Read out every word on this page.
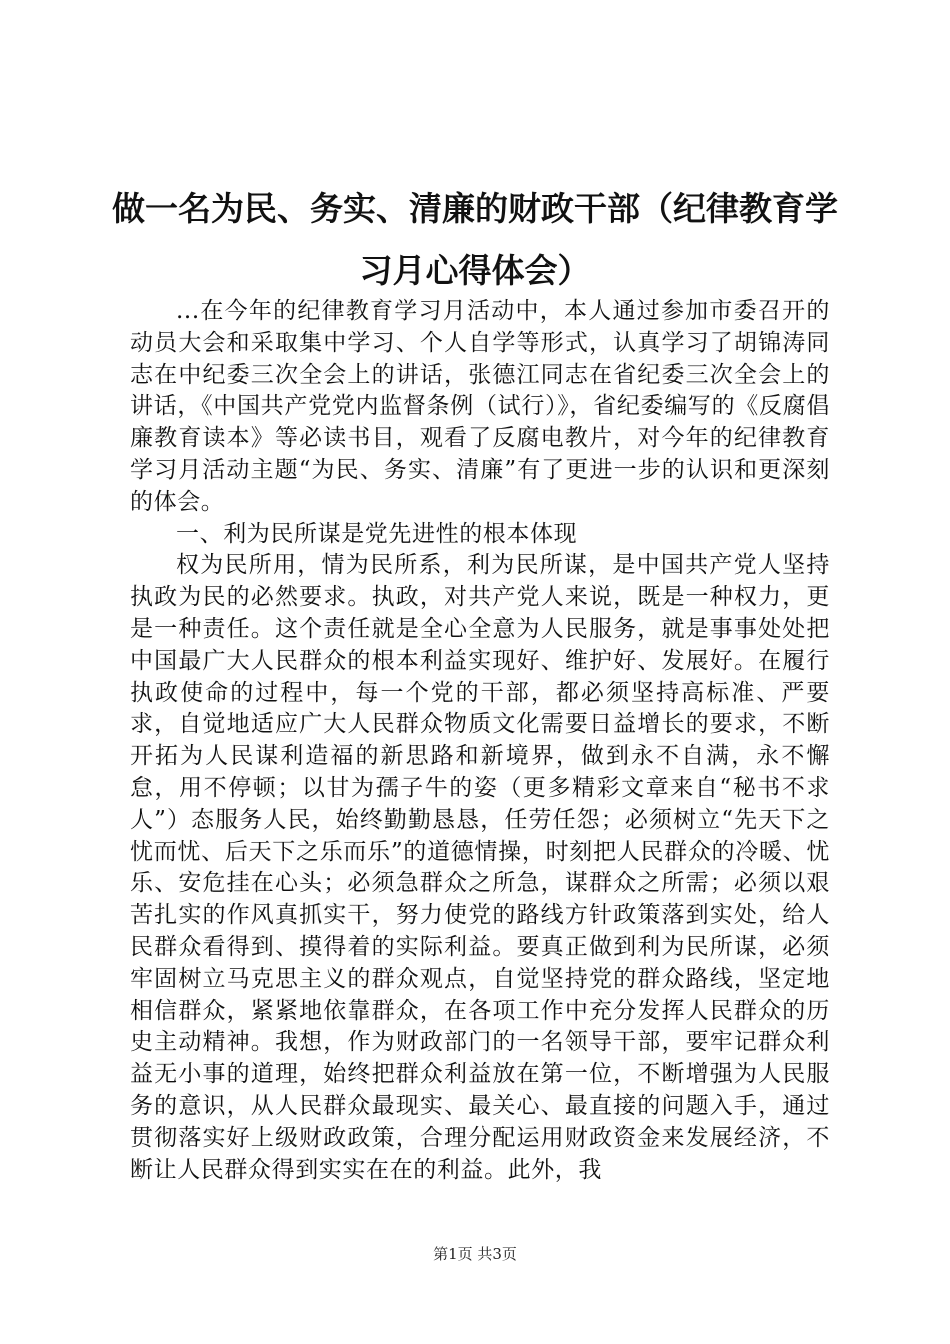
做一名为民、务实、清廉的财政干部（纪律教育学习月心得体会）

...在今年的纪律教育学习月活动中，本人通过参加市委召开的动员大会和采取集中学习、个人自学等形式，认真学习了胡锦涛同志在中纪委三次全会上的讲话，张德江同志在省纪委三次全会上的讲话，《中国共产党党内监督条例（试行）》，省纪委编写的《反腐倡廉教育读本》等必读书目，观看了反腐电教片，对今年的纪律教育学习月活动主题“为民、务实、清廉”有了更进一步的认识和更深刻的体会。

一、利为民所谋是党先进性的根本体现

权为民所用，情为民所系，利为民所谋，是中国共产党人坚持执政为民的必然要求。执政，对共产党人来说，既是一种权力，更是一种责任。这个责任就是全心全意为人民服务，就是事事处处把中国最广大人民群众的根本利益实现好、维护好、发展好。在履行执政使命的过程中，每一个党的干部，都必须坚持高标准、严要求，自觉地适应广大人民群众物质文化需要日益增长的要求，不断开拓为人民谋利造福的新思路和新境界，做到永不自满，永不懈怠，用不停顿；以甘为孺子牛的姿（更多精彩文章来自“秘书不求人”）态服务人民，始终勤勤恳恳，任劳任怨；必须树立“先天下之忧而忧、后天下之乐而乐”的道德情操，时刻把人民群众的冷暖、忧乐、安危挂在心头；必须急群众之所急，谋群众之所需；必须以艰苦扎实的作风真抓实干，努力使党的路线方针政策落到实处，给人民群众看得到、摸得着的实际利益。要真正做到利为民所谋，必须牢固树立马克思主义的群众观点，自觉坚持党的群众路线，坚定地相信群众，紧紧地依靠群众，在各项工作中充分发挥人民群众的历史主动精神。我想，作为财政部门的一名领导干部，要牢记群众利益无小事的道理，始终把群众利益放在第一位，不断增强为人民服务的意识，从人民群众最现实、最关心、最直接的问题入手，通过贯彻落实好上级财政政策，合理分配运用财政资金来发展经济，不断让人民群众得到实实在在的利益。此外，我

第1页 共3页
